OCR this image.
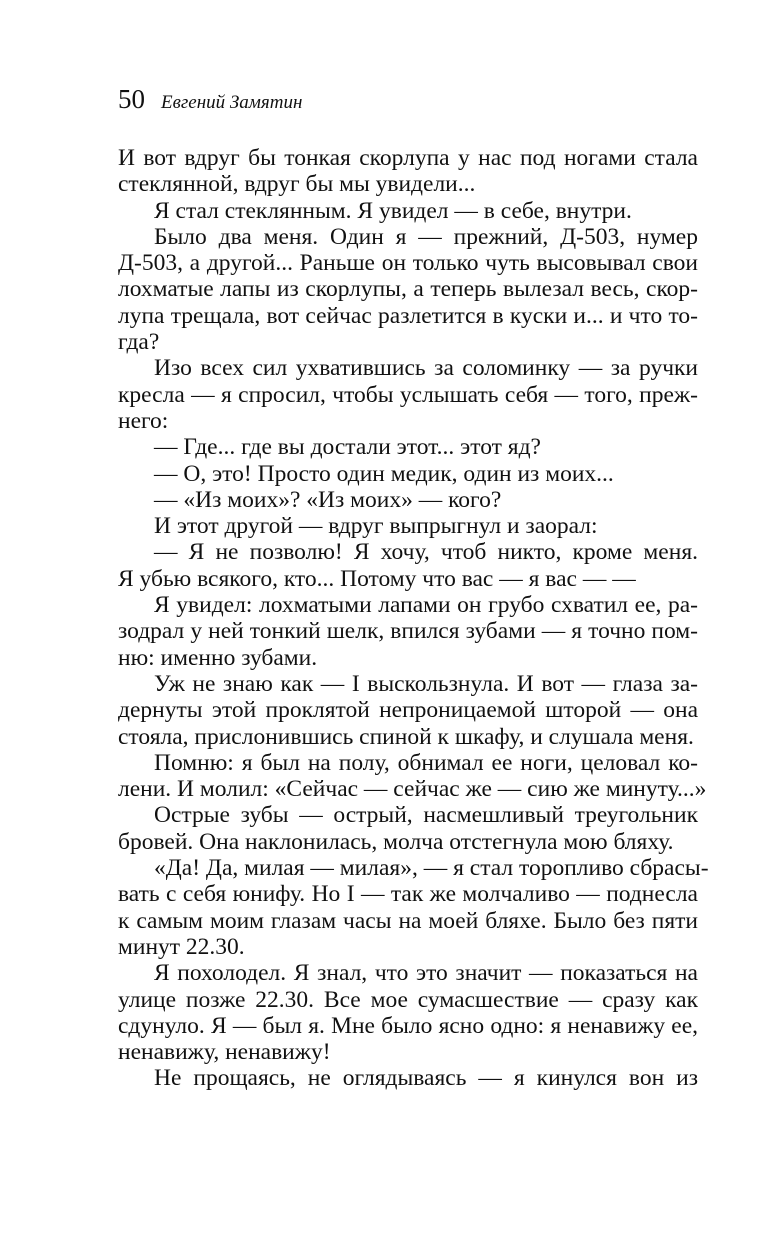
50 Евгений Замятин
И вот вдруг бы тонкая скорлупа у нас под ногами стала
стеклянной, вдруг бы мы увидели...
Я стал стеклянным. Я увидел — в себе, внутри.
Было два меня. Один я — прежний, Д-503, нумер
Д-503, а другой... Раньше он только чуть высовывал свои
лохматые лапы из скорлупы, а теперь вылезал весь, скор-
лупа трещала, вот сейчас разлетится в куски и... и что то-
гда?
Изо всех сил ухватившись за соломинку — за ручки
кресла — я спросил, чтобы услышать себя — того, преж-
него:
— Где... где вы достали этот... этот яд?
— О, это! Просто один медик, один из моих...
— «Из моих»? «Из моих» — кого?
И этот другой — вдруг выпрыгнул и заорал:
— Я не позволю! Я хочу, чтоб никто, кроме меня.
Я убью всякого, кто... Потому что вас — я вас — —
Я увидел: лохматыми лапами он грубо схватил ее, ра-
зодрал у ней тонкий шелк, впился зубами — я точно пом-
ню: именно зубами.
Уж не знаю как — I выскользнула. И вот — глаза за-
дернуты этой проклятой непроницаемой шторой — она
стояла, прислонившись спиной к шкафу, и слушала меня.
Помню: я был на полу, обнимал ее ноги, целовал ко-
лени. И молил: «Сейчас — сейчас же — сию же минуту...»
Острые зубы — острый, насмешливый треугольник
бровей. Она наклонилась, молча отстегнула мою бляху.
«Да! Да, милая — милая», — я стал торопливо сбрасы-
вать с себя юнифу. Но I — так же молчаливо — поднесла
к самым моим глазам часы на моей бляхе. Было без пяти
минут 22.30.
Я похолодел. Я знал, что это значит — показаться на
улице позже 22.30. Все мое сумасшествие — сразу как
сдунуло. Я — был я. Мне было ясно одно: я ненавижу ее,
ненавижу, ненавижу!
Не прощаясь, не оглядываясь — я кинулся вон из
